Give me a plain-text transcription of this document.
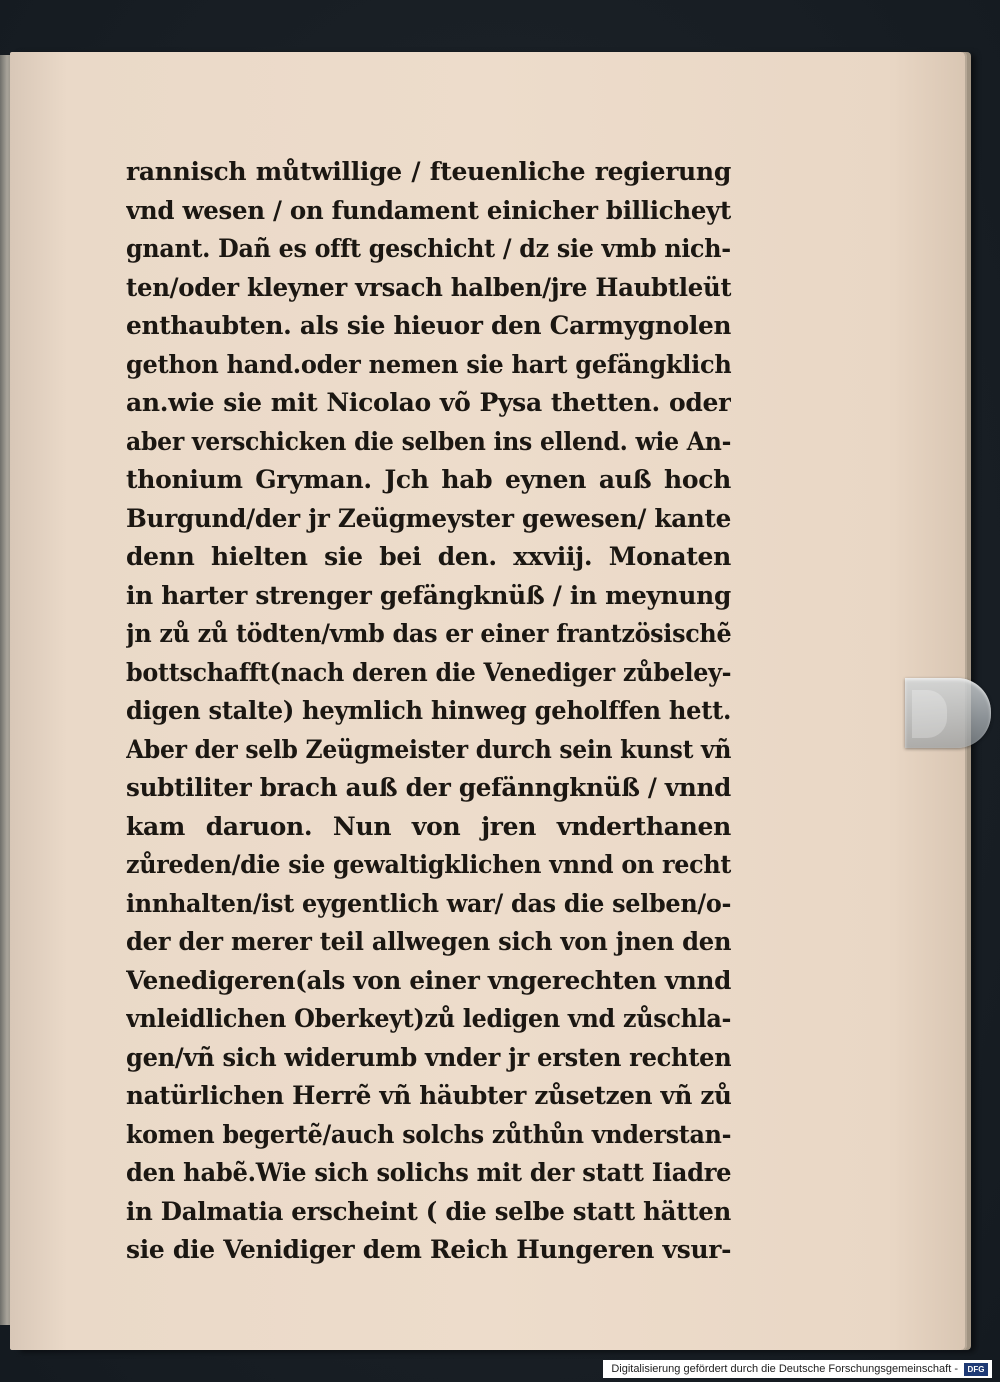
rannisch můtwillige / fteuenliche regierung
vnd wesen / on fundament einicher billicheyt
gnant. Dañ es offt geschicht / dz sie vmb nich-
ten/oder kleyner vrsach halben/jre Haubtleüt
enthaubten. als sie hieuor den Carmygnolen
gethon hand.oder nemen sie hart gefängklich
an.wie sie mit Nicolao võ Pysa thetten. oder
aber verschicken die selben ins ellend. wie An-
thonium Gryman. Jch hab eynen auß hoch
Burgund/der jr Zeügmeyster gewesen/ kante
denn hielten sie bei den. xxviij. Monaten
in harter strenger gefängknüß / in meynung
jn zů zů tödten/vmb das er einer frantzösischẽ
bottschafft(nach deren die Venediger zůbeley-
digen stalte) heymlich hinweg geholffen hett.
Aber der selb Zeügmeister durch sein kunst vñ
subtiliter brach auß der gefänngknüß / vnnd
kam daruon. Nun von jren vnderthanen
zůreden/die sie gewaltigklichen vnnd on recht
innhalten/ist eygentlich war/ das die selben/o-
der der merer teil allwegen sich von jnen den
Venedigeren(als von einer vngerechten vnnd
vnleidlichen Oberkeyt)zů ledigen vnd zůschla-
gen/vñ sich widerumb vnder jr ersten rechten
natürlichen Herrẽ vñ häubter zůsetzen vñ zů
komen begertẽ/auch solchs zůthůn vnderstan-
den habẽ.Wie sich solichs mit der statt Iiadre
in Dalmatia erscheint ( die selbe statt hätten
sie die Venidiger dem Reich Hungeren vsur-
Digitalisierung gefördert durch die Deutsche Forschungsgemeinschaft -	DFG
